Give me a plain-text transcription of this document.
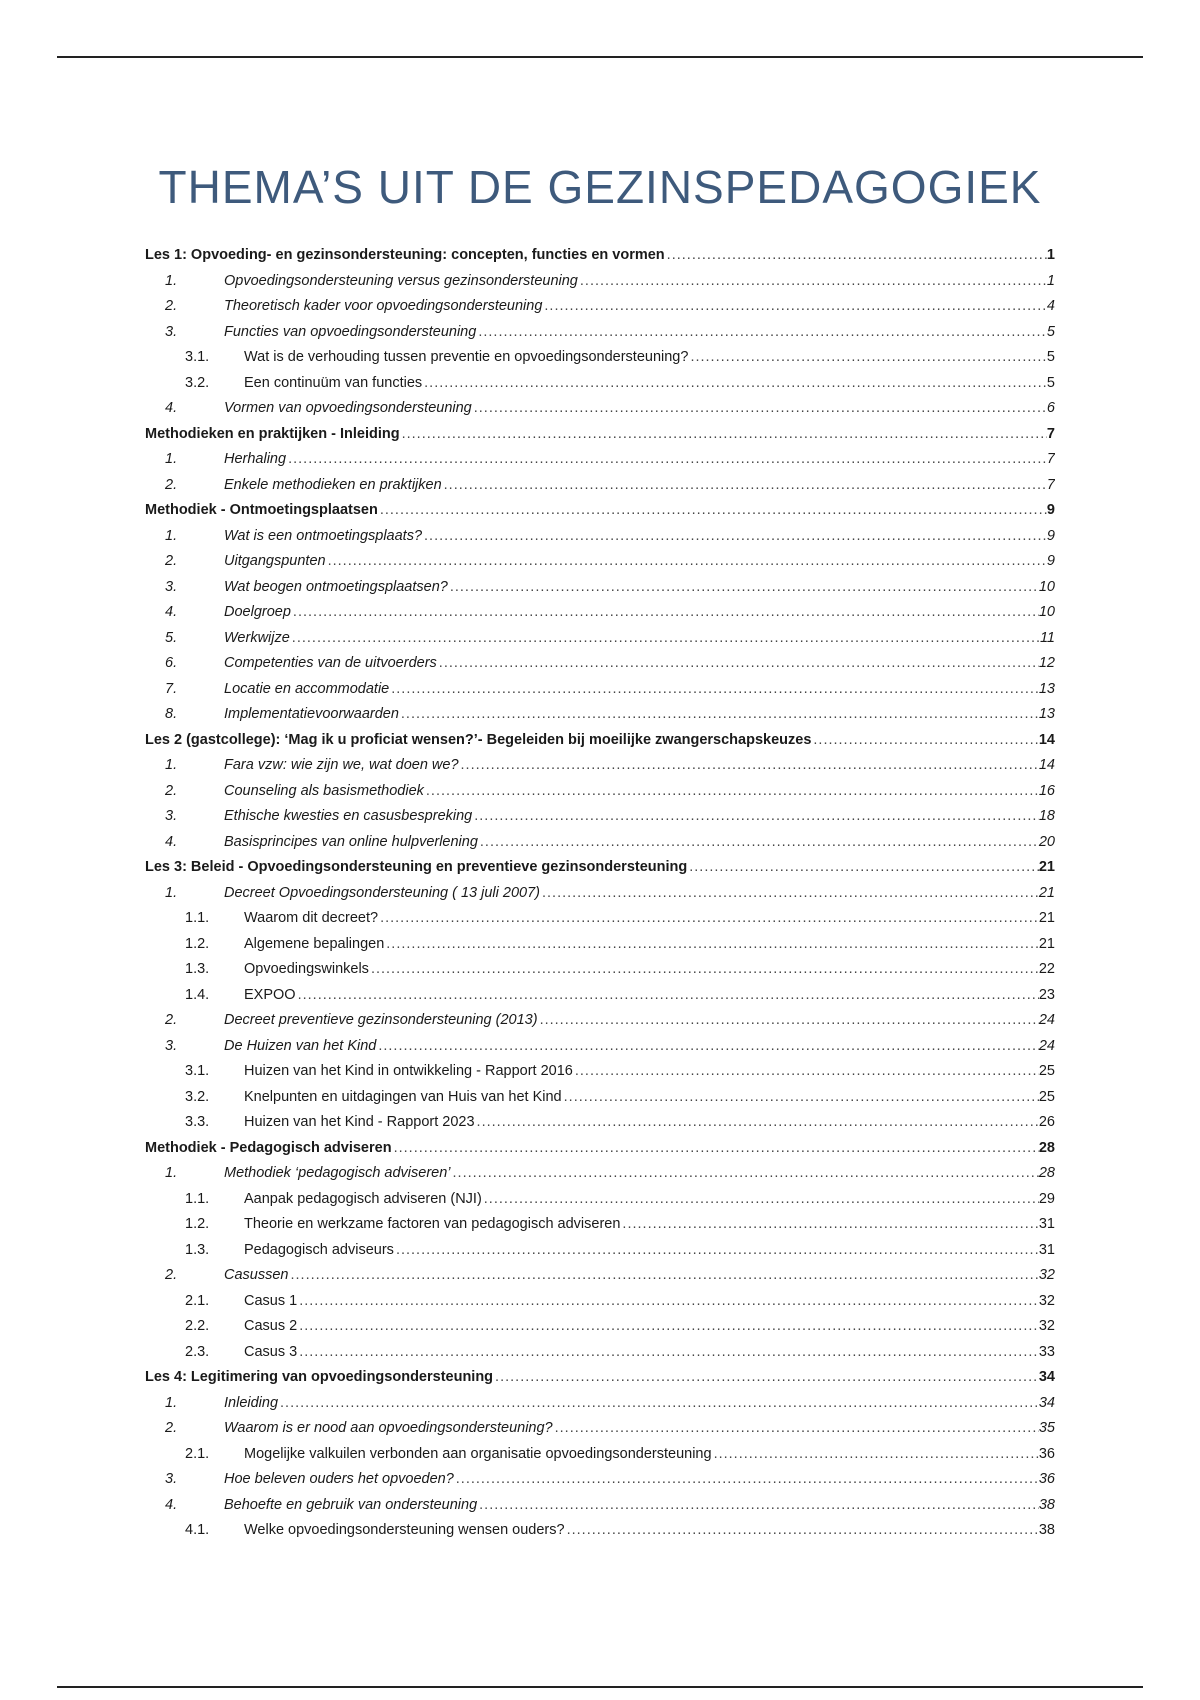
THEMA’S UIT DE GEZINSPEDAGOGIEK
Les 1: Opvoeding- en gezinsondersteuning: concepten, functies en vormen .....	1
1.	Opvoedingsondersteuning versus gezinsondersteuning .....	1
2.	Theoretisch kader voor opvoedingsondersteuning .....	4
3.	Functies van opvoedingsondersteuning .....	5
3.1.	Wat is de verhouding tussen preventie en opvoedingsondersteuning? .....	5
3.2.	Een continuüm van functies .....	5
4.	Vormen van opvoedingsondersteuning .....	6
Methodieken en praktijken - Inleiding .....	7
1.	Herhaling .....	7
2.	Enkele methodieken en praktijken .....	7
Methodiek - Ontmoetingsplaatsen .....	9
1.	Wat is een ontmoetingsplaats? .....	9
2.	Uitgangspunten .....	9
3.	Wat beogen ontmoetingsplaatsen? .....	10
4.	Doelgroep .....	10
5.	Werkwijze .....	11
6.	Competenties van de uitvoerders .....	12
7.	Locatie en accommodatie .....	13
8.	Implementatievoorwaarden .....	13
Les 2 (gastcollege): ‘Mag ik u proficiat wensen?’- Begeleiden bij moeilijke zwangerschapskeuzes .....	14
1.	Fara vzw: wie zijn we, wat doen we? .....	14
2.	Counseling als basismethodiek .....	16
3.	Ethische kwesties en casusbespreking .....	18
4.	Basisprincipes van online hulpverlening .....	20
Les 3: Beleid - Opvoedingsondersteuning en preventieve gezinsondersteuning .....	21
1.	Decreet Opvoedingsondersteuning ( 13 juli 2007) .....	21
1.1.	Waarom dit decreet? .....	21
1.2.	Algemene bepalingen .....	21
1.3.	Opvoedingswinkels .....	22
1.4.	EXPOO .....	23
2.	Decreet preventieve gezinsondersteuning (2013) .....	24
3.	De Huizen van het Kind .....	24
3.1.	Huizen van het Kind in ontwikkeling - Rapport 2016 .....	25
3.2.	Knelpunten en uitdagingen van Huis van het Kind .....	25
3.3.	Huizen van het Kind - Rapport 2023 .....	26
Methodiek - Pedagogisch adviseren .....	28
1.	Methodiek ‘pedagogisch adviseren’ .....	28
1.1.	Aanpak pedagogisch adviseren (NJI) .....	29
1.2.	Theorie en werkzame factoren van pedagogisch adviseren .....	31
1.3.	Pedagogisch adviseurs .....	31
2.	Casussen .....	32
2.1.	Casus 1 .....	32
2.2.	Casus 2 .....	32
2.3.	Casus 3 .....	33
Les 4: Legitimering van opvoedingsondersteuning .....	34
1.	Inleiding .....	34
2.	Waarom is er nood aan opvoedingsondersteuning? .....	35
2.1.	Mogelijke valkuilen verbonden aan organisatie opvoedingsondersteuning .....	36
3.	Hoe beleven ouders het opvoeden? .....	36
4.	Behoefte en gebruik van ondersteuning .....	38
4.1.	Welke opvoedingsondersteuning wensen ouders? .....	38
